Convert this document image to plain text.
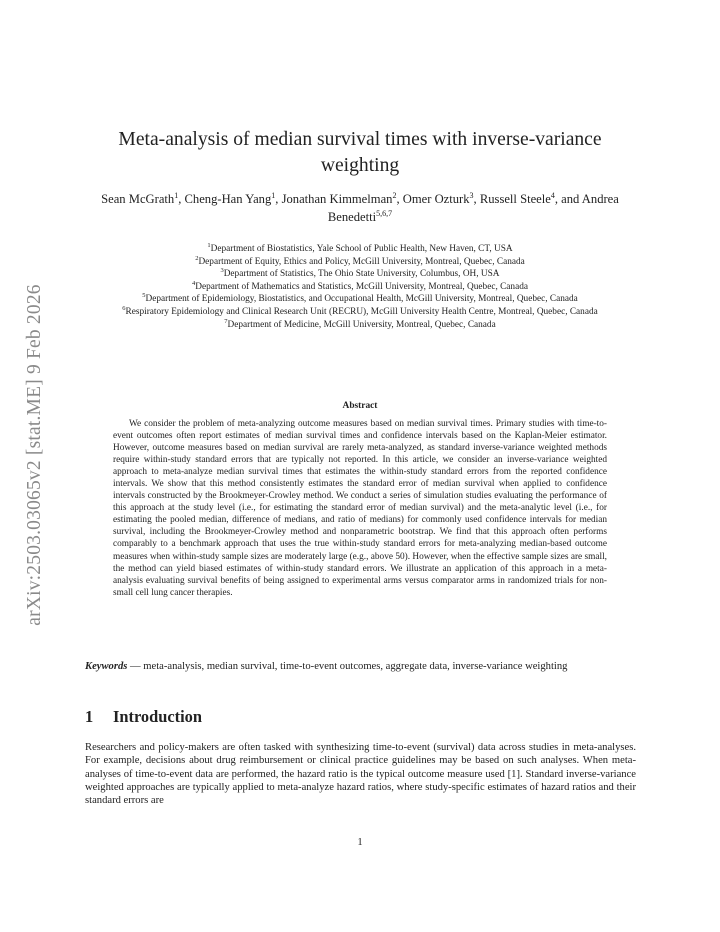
arXiv:2503.03065v2 [stat.ME] 9 Feb 2026
Meta-analysis of median survival times with inverse-variance weighting
Sean McGrath$^1$, Cheng-Han Yang$^1$, Jonathan Kimmelman$^2$, Omer Ozturk$^3$, Russell Steele$^4$, and Andrea Benedetti$^{5,6,7}$
$^1$Department of Biostatistics, Yale School of Public Health, New Haven, CT, USA
$^2$Department of Equity, Ethics and Policy, McGill University, Montreal, Quebec, Canada
$^3$Department of Statistics, The Ohio State University, Columbus, OH, USA
$^4$Department of Mathematics and Statistics, McGill University, Montreal, Quebec, Canada
$^5$Department of Epidemiology, Biostatistics, and Occupational Health, McGill University, Montreal, Quebec, Canada
$^6$Respiratory Epidemiology and Clinical Research Unit (RECRU), McGill University Health Centre, Montreal, Quebec, Canada
$^7$Department of Medicine, McGill University, Montreal, Quebec, Canada
Abstract

We consider the problem of meta-analyzing outcome measures based on median survival times. Primary studies with time-to-event outcomes often report estimates of median survival times and confidence intervals based on the Kaplan-Meier estimator. However, outcome measures based on median survival are rarely meta-analyzed, as standard inverse-variance weighted methods require within-study standard errors that are typically not reported. In this article, we consider an inverse-variance weighted approach to meta-analyze median survival times that estimates the within-study standard errors from the reported confidence intervals. We show that this method consistently estimates the standard error of median survival when applied to confidence intervals constructed by the Brookmeyer-Crowley method. We conduct a series of simulation studies evaluating the performance of this approach at the study level (i.e., for estimating the standard error of median survival) and the meta-analytic level (i.e., for estimating the pooled median, difference of medians, and ratio of medians) for commonly used confidence intervals for median survival, including the Brookmeyer-Crowley method and nonparametric bootstrap. We find that this approach often performs comparably to a benchmark approach that uses the true within-study standard errors for meta-analyzing median-based outcome measures when within-study sample sizes are moderately large (e.g., above 50). However, when the effective sample sizes are small, the method can yield biased estimates of within-study standard errors. We illustrate an application of this approach in a meta-analysis evaluating survival benefits of being assigned to experimental arms versus comparator arms in randomized trials for non-small cell lung cancer therapies.

Keywords — meta-analysis, median survival, time-to-event outcomes, aggregate data, inverse-variance weighting

1 Introduction

Researchers and policy-makers are often tasked with synthesizing time-to-event (survival) data across studies in meta-analyses. For example, decisions about drug reimbursement or clinical practice guidelines may be based on such analyses. When meta-analyses of time-to-event data are performed, the hazard ratio is the typical outcome measure used [1]. Standard inverse-variance weighted approaches are typically applied to meta-analyze hazard ratios, where study-specific estimates of hazard ratios and their standard errors are

1
